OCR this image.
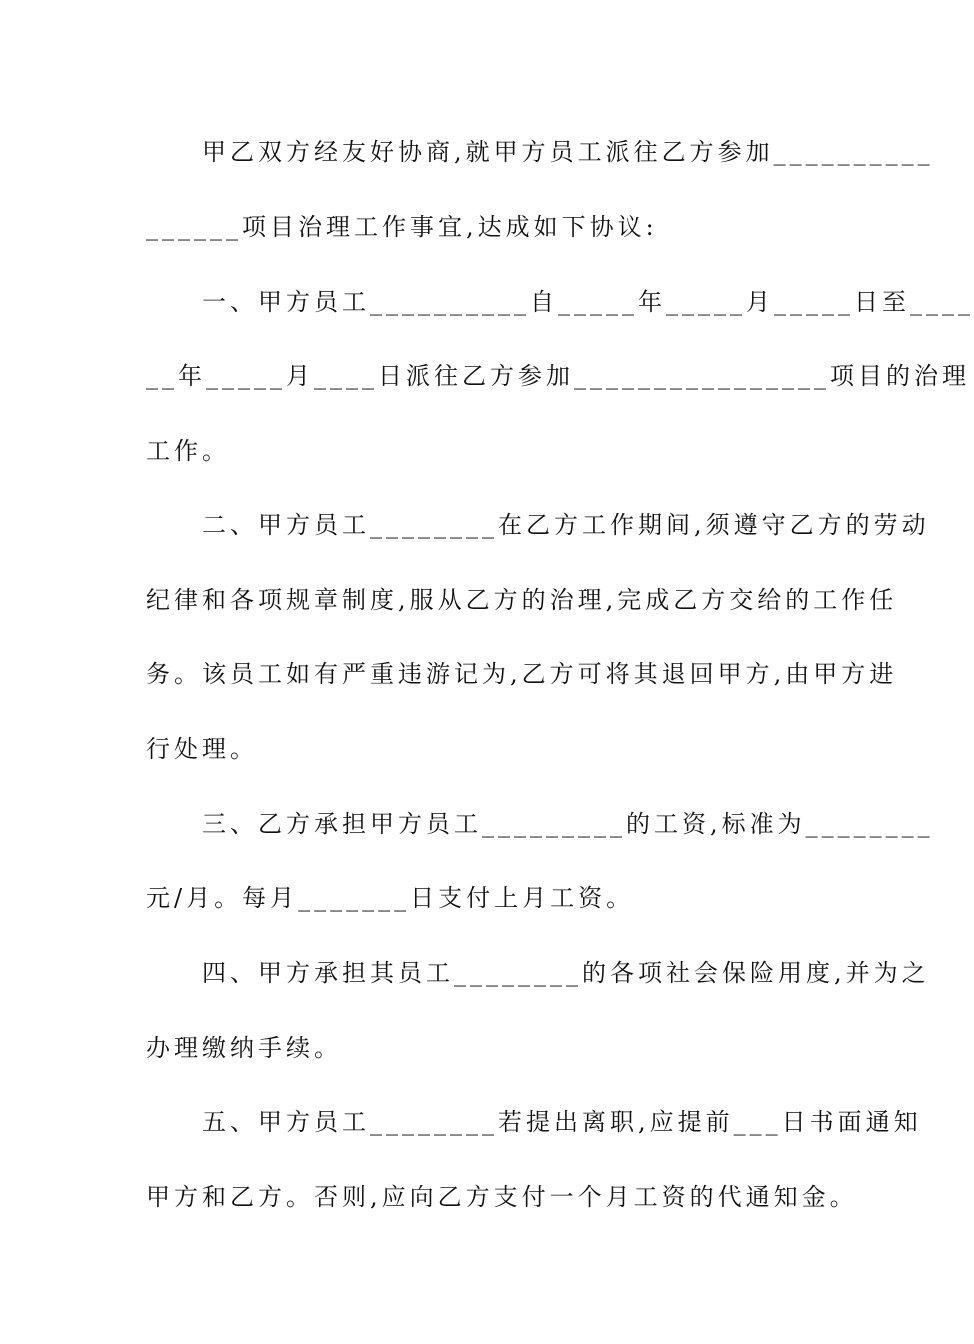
　　甲乙双方经友好协商,就甲方员工派往乙方参加__________
______项目治理工作事宜,达成如下协议:
　　一、甲方员工__________自_____年_____月_____日至____
__年_____月____日派往乙方参加________________项目的治理
工作。
　　二、甲方员工________在乙方工作期间,须遵守乙方的劳动
纪律和各项规章制度,服从乙方的治理,完成乙方交给的工作任
务。该员工如有严重违游记为,乙方可将其退回甲方,由甲方进
行处理。
　　三、乙方承担甲方员工_________的工资,标准为________
元/月。每月_______日支付上月工资。
　　四、甲方承担其员工________的各项社会保险用度,并为之
办理缴纳手续。
　　五、甲方员工________若提出离职,应提前___日书面通知
甲方和乙方。否则,应向乙方支付一个月工资的代通知金。
